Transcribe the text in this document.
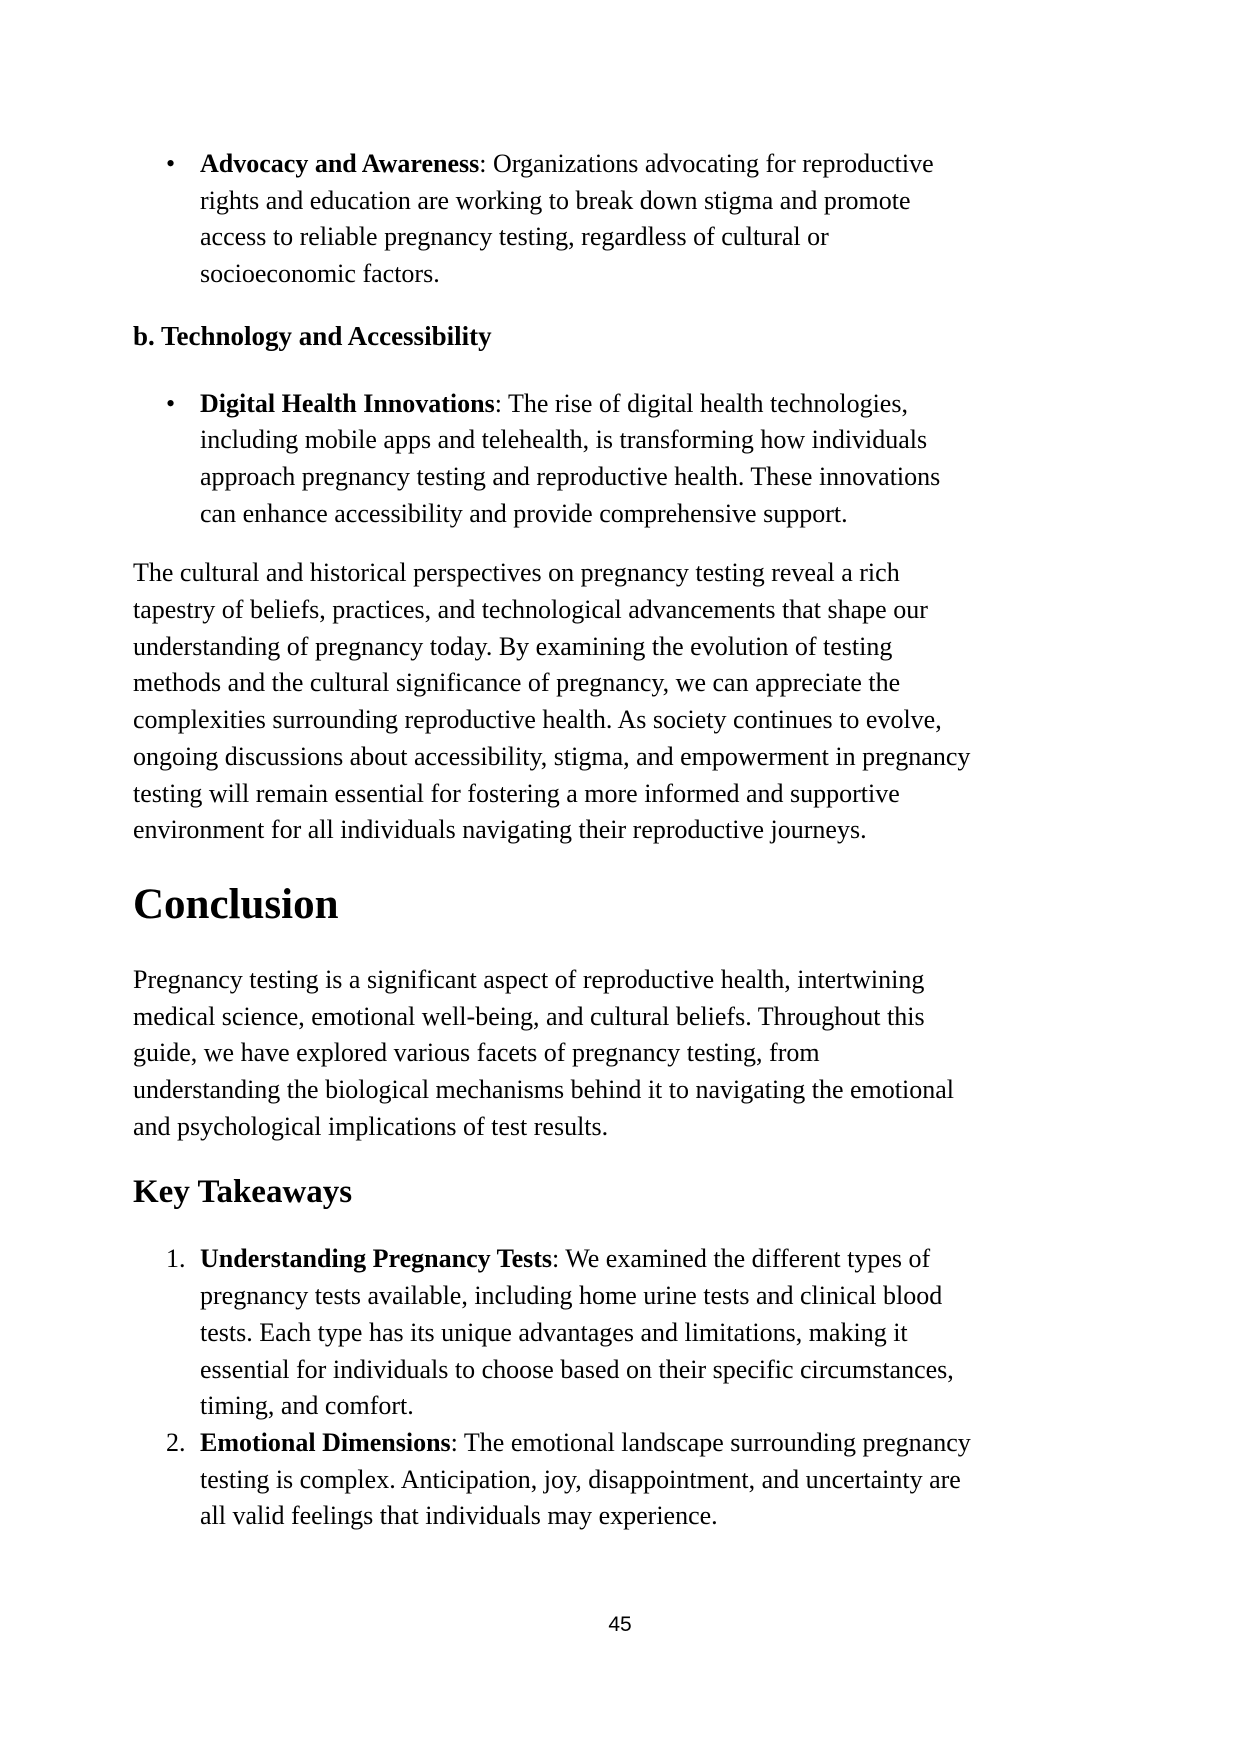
• Advocacy and Awareness: Organizations advocating for reproductive rights and education are working to break down stigma and promote access to reliable pregnancy testing, regardless of cultural or socioeconomic factors.
b. Technology and Accessibility
• Digital Health Innovations: The rise of digital health technologies, including mobile apps and telehealth, is transforming how individuals approach pregnancy testing and reproductive health. These innovations can enhance accessibility and provide comprehensive support.

The cultural and historical perspectives on pregnancy testing reveal a rich tapestry of beliefs, practices, and technological advancements that shape our understanding of pregnancy today. By examining the evolution of testing methods and the cultural significance of pregnancy, we can appreciate the complexities surrounding reproductive health. As society continues to evolve, ongoing discussions about accessibility, stigma, and empowerment in pregnancy testing will remain essential for fostering a more informed and supportive environment for all individuals navigating their reproductive journeys.

Conclusion

Pregnancy testing is a significant aspect of reproductive health, intertwining medical science, emotional well-being, and cultural beliefs. Throughout this guide, we have explored various facets of pregnancy testing, from understanding the biological mechanisms behind it to navigating the emotional and psychological implications of test results.

Key Takeaways
1. Understanding Pregnancy Tests: We examined the different types of pregnancy tests available, including home urine tests and clinical blood tests. Each type has its unique advantages and limitations, making it essential for individuals to choose based on their specific circumstances, timing, and comfort.
2. Emotional Dimensions: The emotional landscape surrounding pregnancy testing is complex. Anticipation, joy, disappointment, and uncertainty are all valid feelings that individuals may experience.
45
